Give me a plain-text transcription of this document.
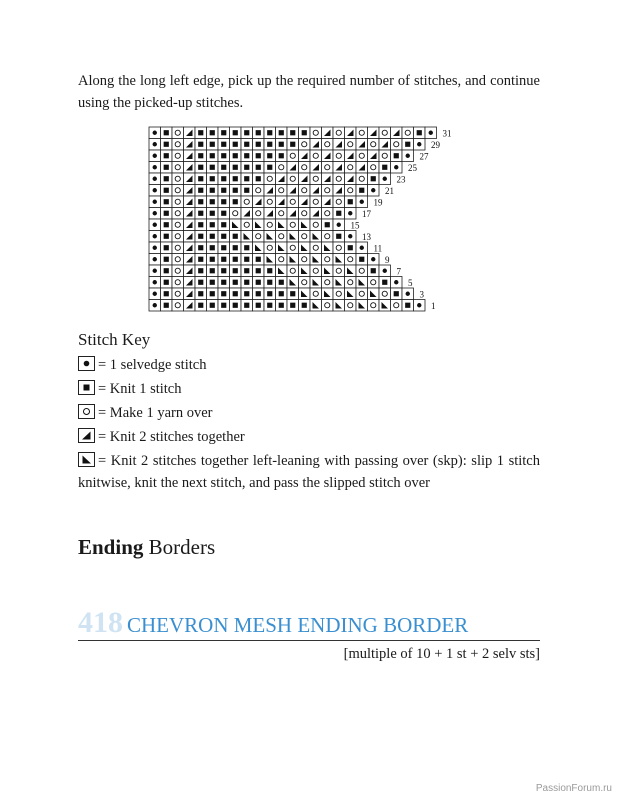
Along the long left edge, pick up the required number of stitches, and continue using the picked-up stitches.

31
29
27
25
23
21
19
17
15
13
11
9
7
5
3
1
Stitch Key
= 1 selvedge stitch
= Knit 1 stitch
= Make 1 yarn over
= Knit 2 stitches together
= Knit 2 stitches together left-leaning with passing over (skp): slip 1 stitch knitwise, knit the next stitch, and pass the slipped stitch over
Ending Borders
418 CHEVRON MESH ENDING BORDER

[multiple of 10 + 1 st + 2 selv sts]

PassionForum.ru
